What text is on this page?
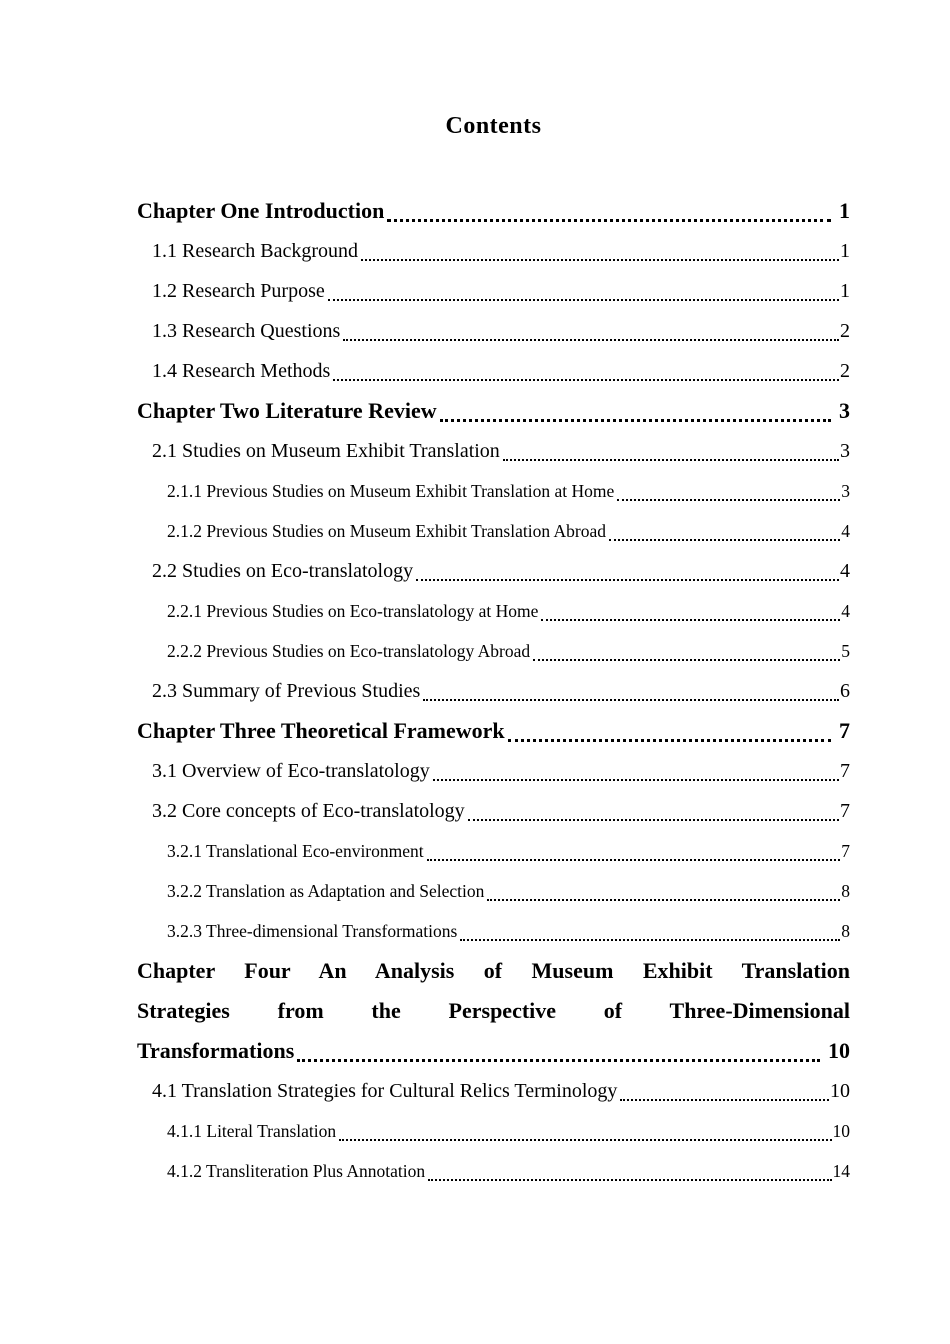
Contents
Chapter One Introduction	1
1.1 Research Background	1
1.2 Research Purpose	1
1.3 Research Questions	2
1.4 Research Methods	2
Chapter Two Literature Review	3
2.1 Studies on Museum Exhibit Translation	3
2.1.1 Previous Studies on Museum Exhibit Translation at Home	3
2.1.2 Previous Studies on Museum Exhibit Translation Abroad	4
2.2 Studies on Eco-translatology	4
2.2.1 Previous Studies on Eco-translatology at Home	4
2.2.2 Previous Studies on Eco-translatology Abroad	5
2.3 Summary of Previous Studies	6
Chapter Three Theoretical Framework	7
3.1 Overview of Eco-translatology	7
3.2 Core concepts of Eco-translatology	7
3.2.1 Translational Eco-environment	7
3.2.2 Translation as Adaptation and Selection	8
3.2.3 Three-dimensional Transformations	8
Chapter Four An Analysis of Museum Exhibit Translation
Strategies from the Perspective of Three-Dimensional
Transformations	10
4.1 Translation Strategies for Cultural Relics Terminology	10
4.1.1 Literal Translation	10
4.1.2 Transliteration Plus Annotation	14
